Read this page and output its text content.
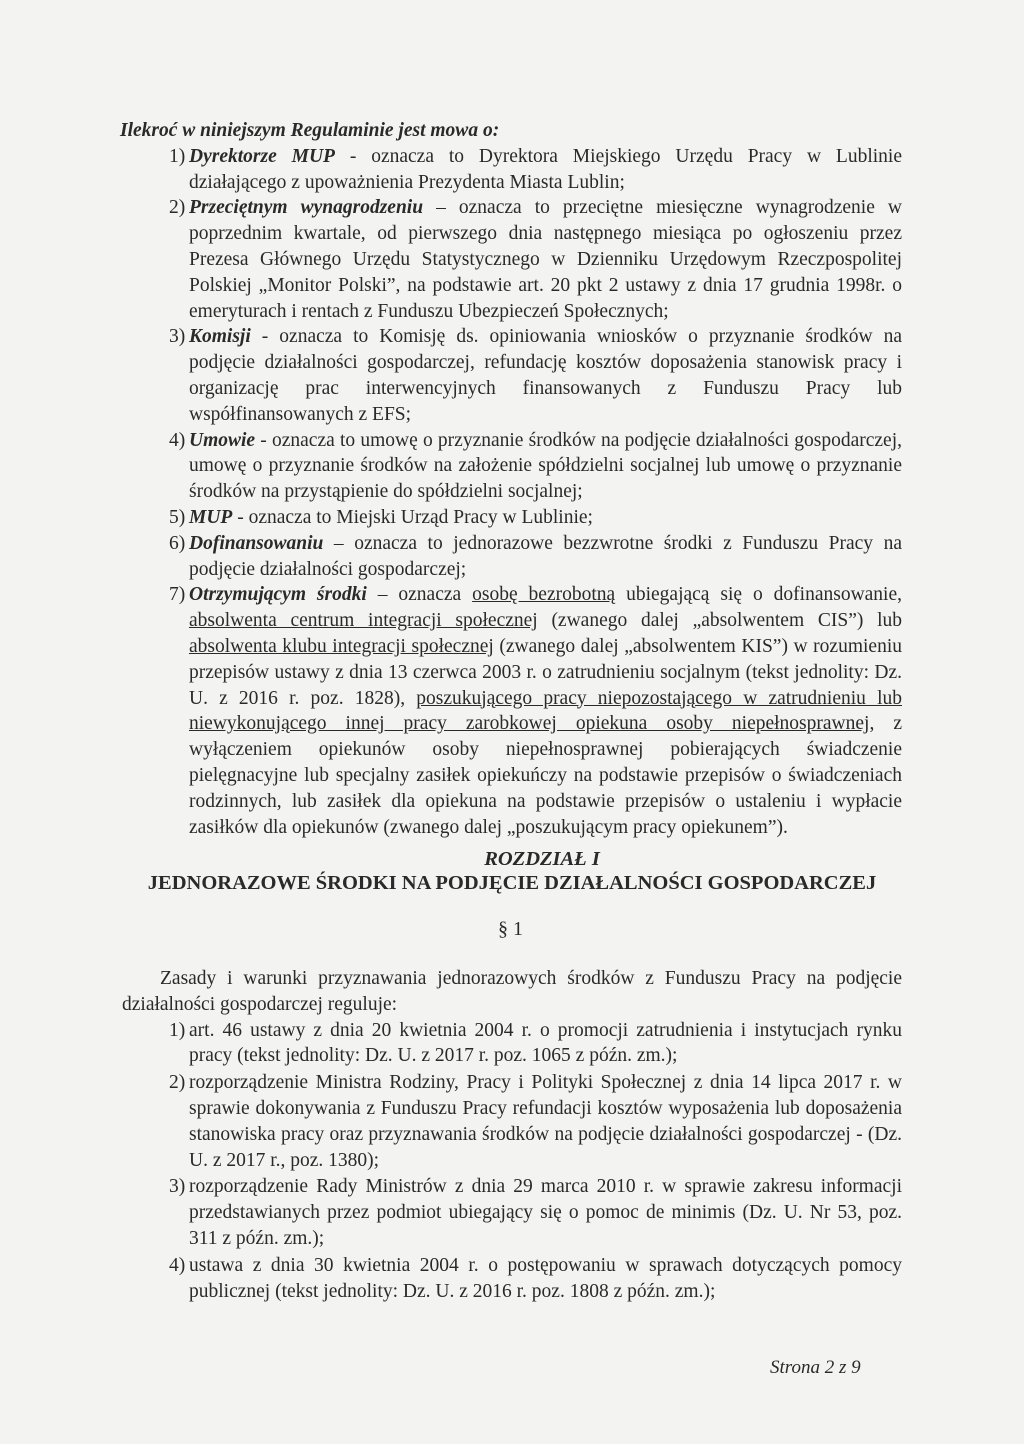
Ilekroć w niniejszym Regulaminie jest mowa o:
1) Dyrektorze MUP - oznacza to Dyrektora Miejskiego Urzędu Pracy w Lublinie działającego z upoważnienia Prezydenta Miasta Lublin;
2) Przeciętnym wynagrodzeniu – oznacza to przeciętne miesięczne wynagrodzenie w poprzednim kwartale, od pierwszego dnia następnego miesiąca po ogłoszeniu przez Prezesa Głównego Urzędu Statystycznego w Dzienniku Urzędowym Rzeczpospolitej Polskiej „Monitor Polski”, na podstawie art. 20 pkt 2 ustawy z dnia 17 grudnia 1998r. o emeryturach i rentach z Funduszu Ubezpieczeń Społecznych;
3) Komisji - oznacza to Komisję ds. opiniowania wniosków o przyznanie środków na podjęcie działalności gospodarczej, refundację kosztów doposażenia stanowisk pracy i organizację prac interwencyjnych finansowanych z Funduszu Pracy lub współfinansowanych z EFS;
4) Umowie - oznacza to umowę o przyznanie środków na podjęcie działalności gospodarczej, umowę o przyznanie środków na założenie spółdzielni socjalnej lub umowę o przyznanie środków na przystąpienie do spółdzielni socjalnej;
5) MUP - oznacza to Miejski Urząd Pracy w Lublinie;
6) Dofinansowaniu – oznacza to jednorazowe bezzwrotne środki z Funduszu Pracy na podjęcie działalności gospodarczej;
7) Otrzymującym środki – oznacza osobę bezrobotną ubiegającą się o dofinansowanie, absolwenta centrum integracji społecznej (zwanego dalej „absolwentem CIS”) lub absolwenta klubu integracji społecznej (zwanego dalej „absolwentem KIS”) w rozumieniu przepisów ustawy z dnia 13 czerwca 2003 r. o zatrudnieniu socjalnym (tekst jednolity: Dz. U. z 2016 r. poz. 1828), poszukującego pracy niepozostającego w zatrudnieniu lub niewykonującego innej pracy zarobkowej opiekuna osoby niepełnosprawnej, z wyłączeniem opiekunów osoby niepełnosprawnej pobierających świadczenie pielęgnacyjne lub specjalny zasiłek opiekuńczy na podstawie przepisów o świadczeniach rodzinnych, lub zasiłek dla opiekuna na podstawie przepisów o ustaleniu i wypłacie zasiłków dla opiekunów (zwanego dalej „poszukującym pracy opiekunem”).
ROZDZIAŁ I
JEDNORAZOWE ŚRODKI NA PODJĘCIE DZIAŁALNOŚCI GOSPODARCZEJ
§ 1

Zasady i warunki przyznawania jednorazowych środków z Funduszu Pracy na podjęcie działalności gospodarczej reguluje:

1) art. 46 ustawy z dnia 20 kwietnia 2004 r. o promocji zatrudnienia i instytucjach rynku pracy (tekst jednolity: Dz. U. z 2017 r. poz. 1065 z późn. zm.);
2) rozporządzenie Ministra Rodziny, Pracy i Polityki Społecznej z dnia 14 lipca 2017 r. w sprawie dokonywania z Funduszu Pracy refundacji kosztów wyposażenia lub doposażenia stanowiska pracy oraz przyznawania środków na podjęcie działalności gospodarczej - (Dz. U. z 2017 r., poz. 1380);
3) rozporządzenie Rady Ministrów z dnia 29 marca 2010 r. w sprawie zakresu informacji przedstawianych przez podmiot ubiegający się o pomoc de minimis (Dz. U. Nr 53, poz. 311 z późn. zm.);
4) ustawa z dnia 30 kwietnia 2004 r. o postępowaniu w sprawach dotyczących pomocy publicznej (tekst jednolity: Dz. U. z 2016 r. poz. 1808 z późn. zm.);
Strona 2 z 9
